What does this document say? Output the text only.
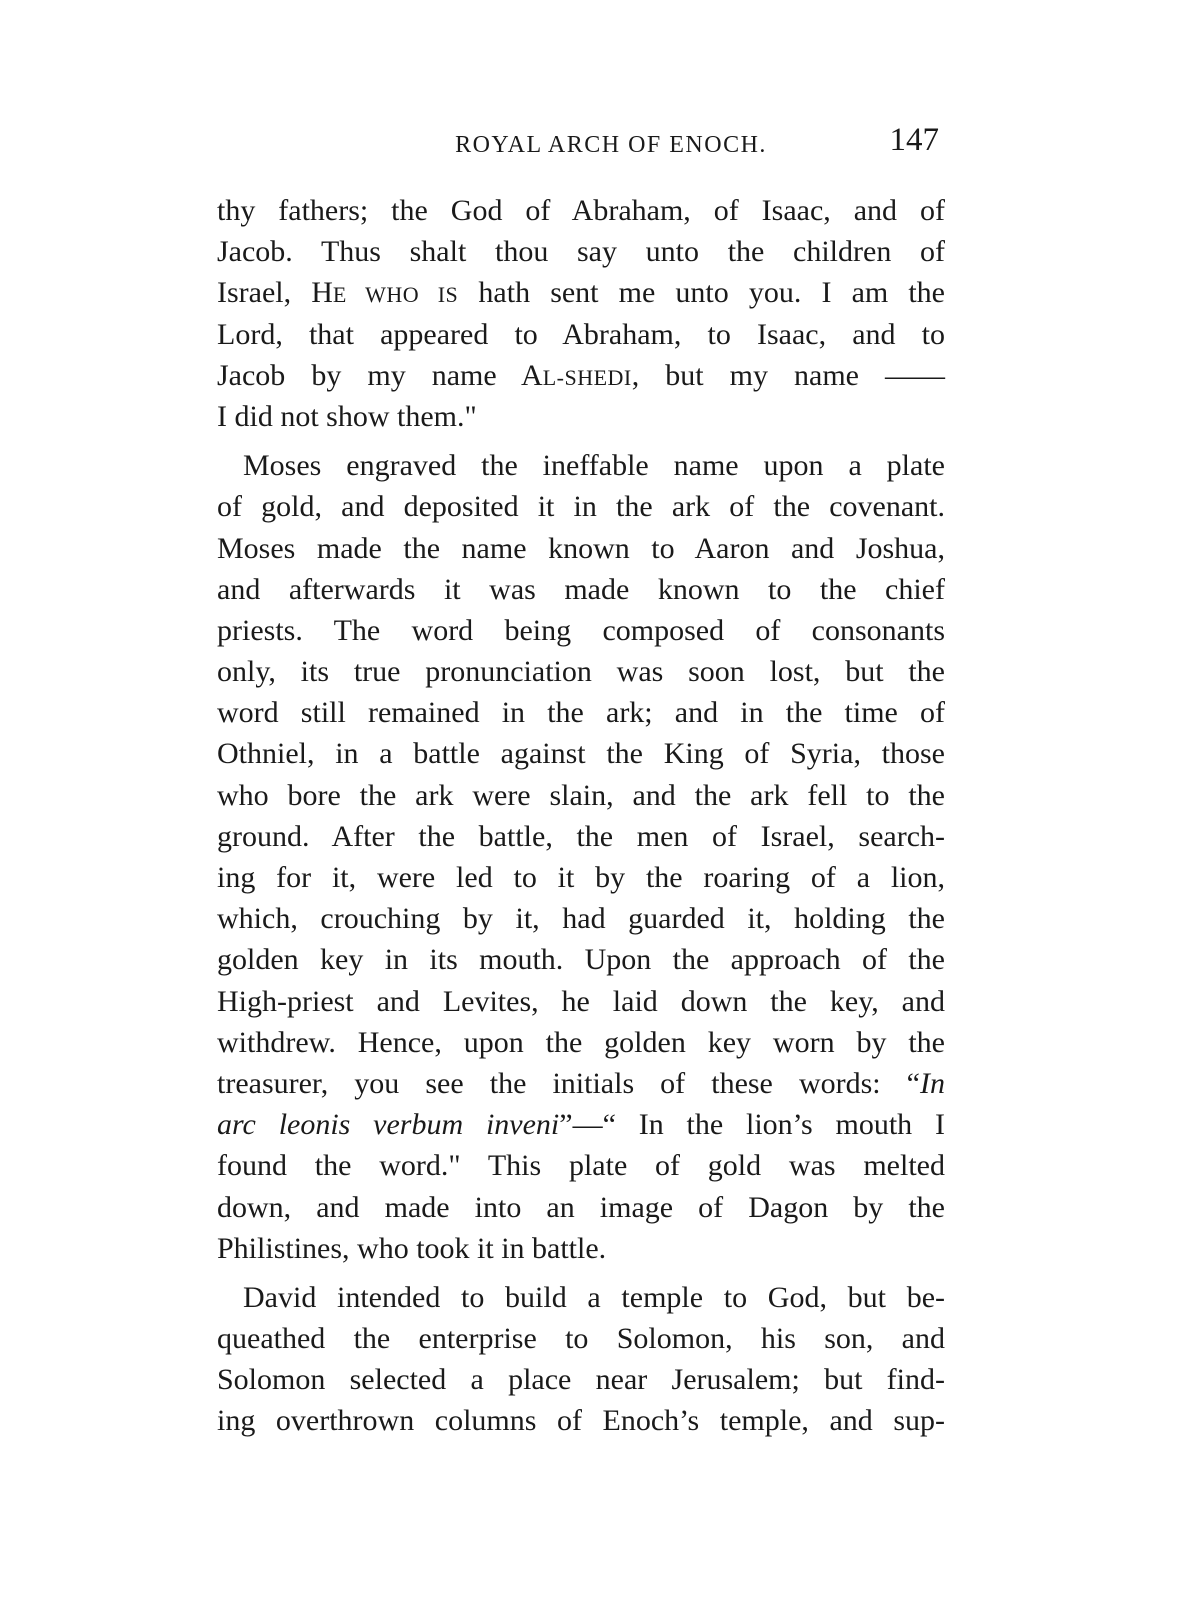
ROYAL ARCH OF ENOCH.	147
thy fathers; the God of Abraham, of Isaac, and of
Jacob. Thus shalt thou say unto the children of
Israel, HE WHO IS hath sent me unto you. I am the
Lord, that appeared to Abraham, to Isaac, and to
Jacob by my name AL-SHEDI, but my name ——
I did not show them."
Moses engraved the ineffable name upon a plate
of gold, and deposited it in the ark of the covenant.
Moses made the name known to Aaron and Joshua,
and afterwards it was made known to the chief
priests. The word being composed of consonants
only, its true pronunciation was soon lost, but the
word still remained in the ark; and in the time of
Othniel, in a battle against the King of Syria, those
who bore the ark were slain, and the ark fell to the
ground. After the battle, the men of Israel, search-
ing for it, were led to it by the roaring of a lion,
which, crouching by it, had guarded it, holding the
golden key in its mouth. Upon the approach of the
High-priest and Levites, he laid down the key, and
withdrew. Hence, upon the golden key worn by the
treasurer, you see the initials of these words: “In
arc leonis verbum inveni”—“ In the lion’s mouth I
found the word." This plate of gold was melted
down, and made into an image of Dagon by the
Philistines, who took it in battle.
David intended to build a temple to God, but be-
queathed the enterprise to Solomon, his son, and
Solomon selected a place near Jerusalem; but find-
ing overthrown columns of Enoch’s temple, and sup-
